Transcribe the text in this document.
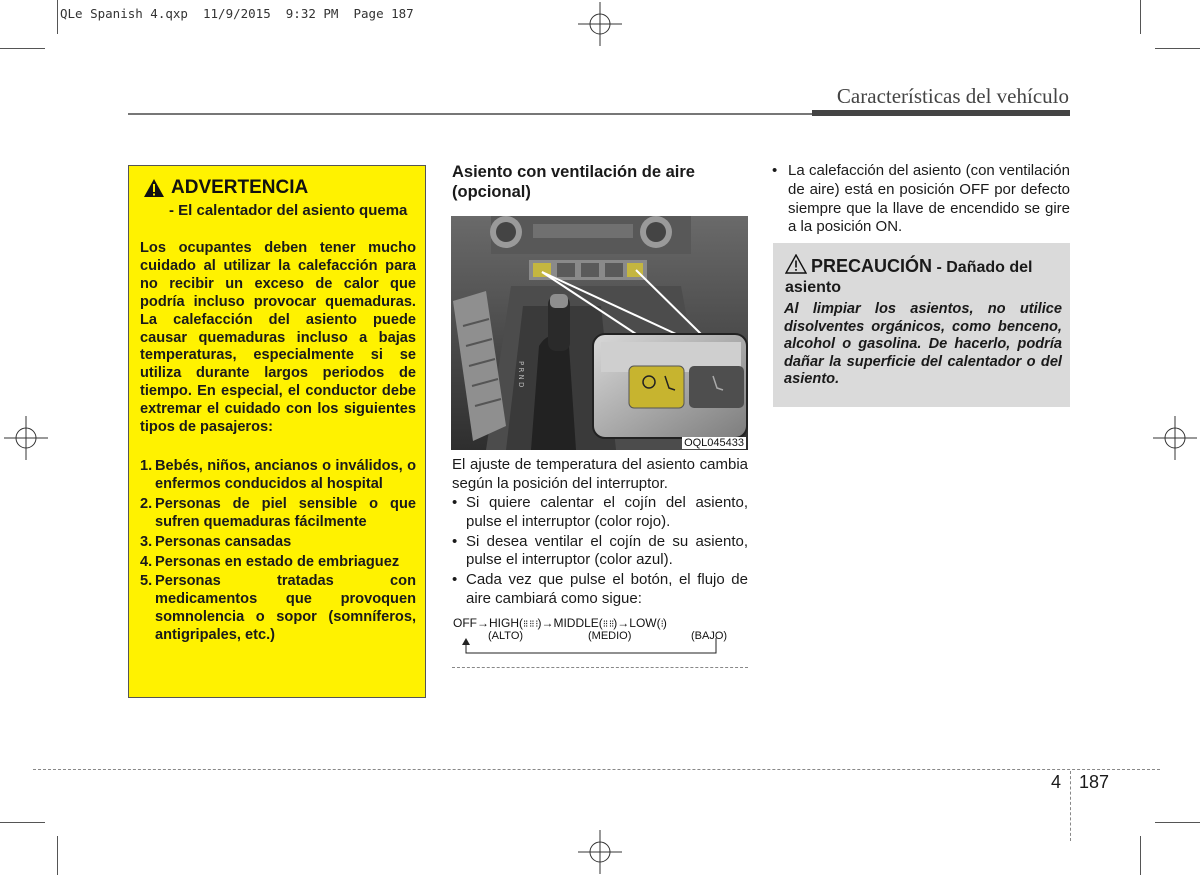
QLe Spanish 4.qxp  11/9/2015  9:32 PM  Page 187
Características del vehículo
ADVERTENCIA
- El calentador del asiento quema
Los ocupantes deben tener mucho cuidado al utilizar la calefacción para no recibir un exceso de calor que podría incluso provocar quemaduras. La calefacción del asiento puede causar quemaduras incluso a bajas temperaturas, especialmente si se utiliza durante largos periodos de tiempo. En especial, el conductor debe extremar el cuidado con los siguientes tipos de pasajeros:
1. Bebés, niños, ancianos o inválidos, o enfermos conducidos al hospital
2. Personas de piel sensible o que sufren quemaduras fácilmente
3. Personas cansadas
4. Personas en estado de embriaguez
5. Personas tratadas con medicamentos que provoquen somnolencia o sopor (somníferos, antigripales, etc.)
Asiento con ventilación de aire (opcional)
P R N D
OQL045433
El ajuste de temperatura del asiento cambia según la posición del interruptor.
• Si quiere calentar el cojín del asiento, pulse el interruptor (color rojo).
• Si desea ventilar el cojín de su asiento, pulse el interruptor (color azul).
• Cada vez que pulse el botón, el flujo de aire cambiará como sigue:
OFF→HIGH(⁝⁝ ⁝⁝ ⁝)→MIDDLE(⁝⁝ ⁝⁝)→LOW(⁝)
(ALTO)	(MEDIO)	(BAJO)
• La calefacción del asiento (con ventilación de aire) está en posición OFF por defecto siempre que la llave de encendido se gire a la posición ON.
PRECAUCIÓN - Dañado del asiento
Al limpiar los asientos, no utilice disolventes orgánicos, como benceno, alcohol o gasolina. De hacerlo, podría dañar la superficie del calentador o del asiento.
4 187
